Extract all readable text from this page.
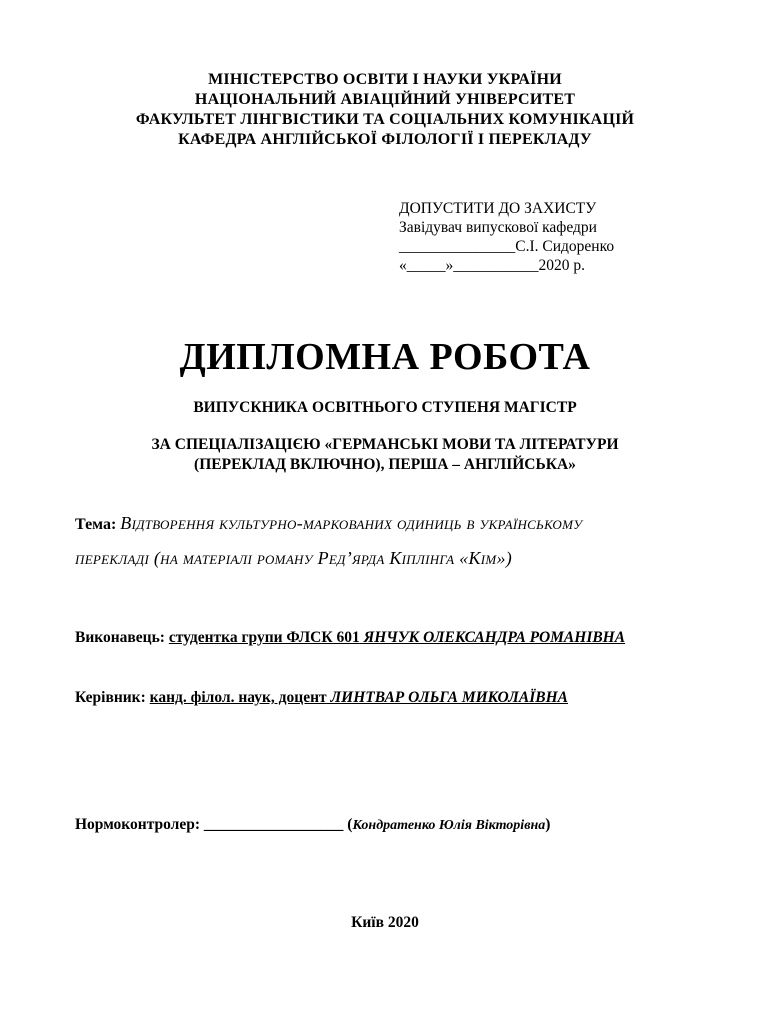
МІНІСТЕРСТВО ОСВІТИ І НАУКИ УКРАЇНИ
НАЦІОНАЛЬНИЙ АВІАЦІЙНИЙ УНІВЕРСИТЕТ
ФАКУЛЬТЕТ ЛІНГВІСТИКИ ТА СОЦІАЛЬНИХ КОМУНІКАЦІЙ
КАФЕДРА АНГЛІЙСЬКОЇ ФІЛОЛОГІЇ І ПЕРЕКЛАДУ
ДОПУСТИТИ ДО ЗАХИСТУ
Завідувач випускової кафедри
_______________С.І. Сидоренко
«_____»___________2020 р.
ДИПЛОМНА РОБОТА
ВИПУСКНИКА ОСВІТНЬОГО СТУПЕНЯ МАГІСТР
ЗА СПЕЦІАЛІЗАЦІЄЮ «ГЕРМАНСЬКІ МОВИ ТА ЛІТЕРАТУРИ
(ПЕРЕКЛАД ВКЛЮЧНО), ПЕРША – АНГЛІЙСЬКА»
Тема: Відтворення культурно-маркованих одиниць в українському
перекладі (на матеріалі роману Ред’ярда Кіплінга «Кім»)
Виконавець: студентка групи ФЛСК 601 ЯНЧУК ОЛЕКСАНДРА РОМАНІВНА
Керівник: канд. філол. наук, доцент ЛИНТВАР ОЛЬГА МИКОЛАЇВНА
Нормоконтролер: __________________ (Кондратенко Юлія Вікторівна)
Київ 2020
